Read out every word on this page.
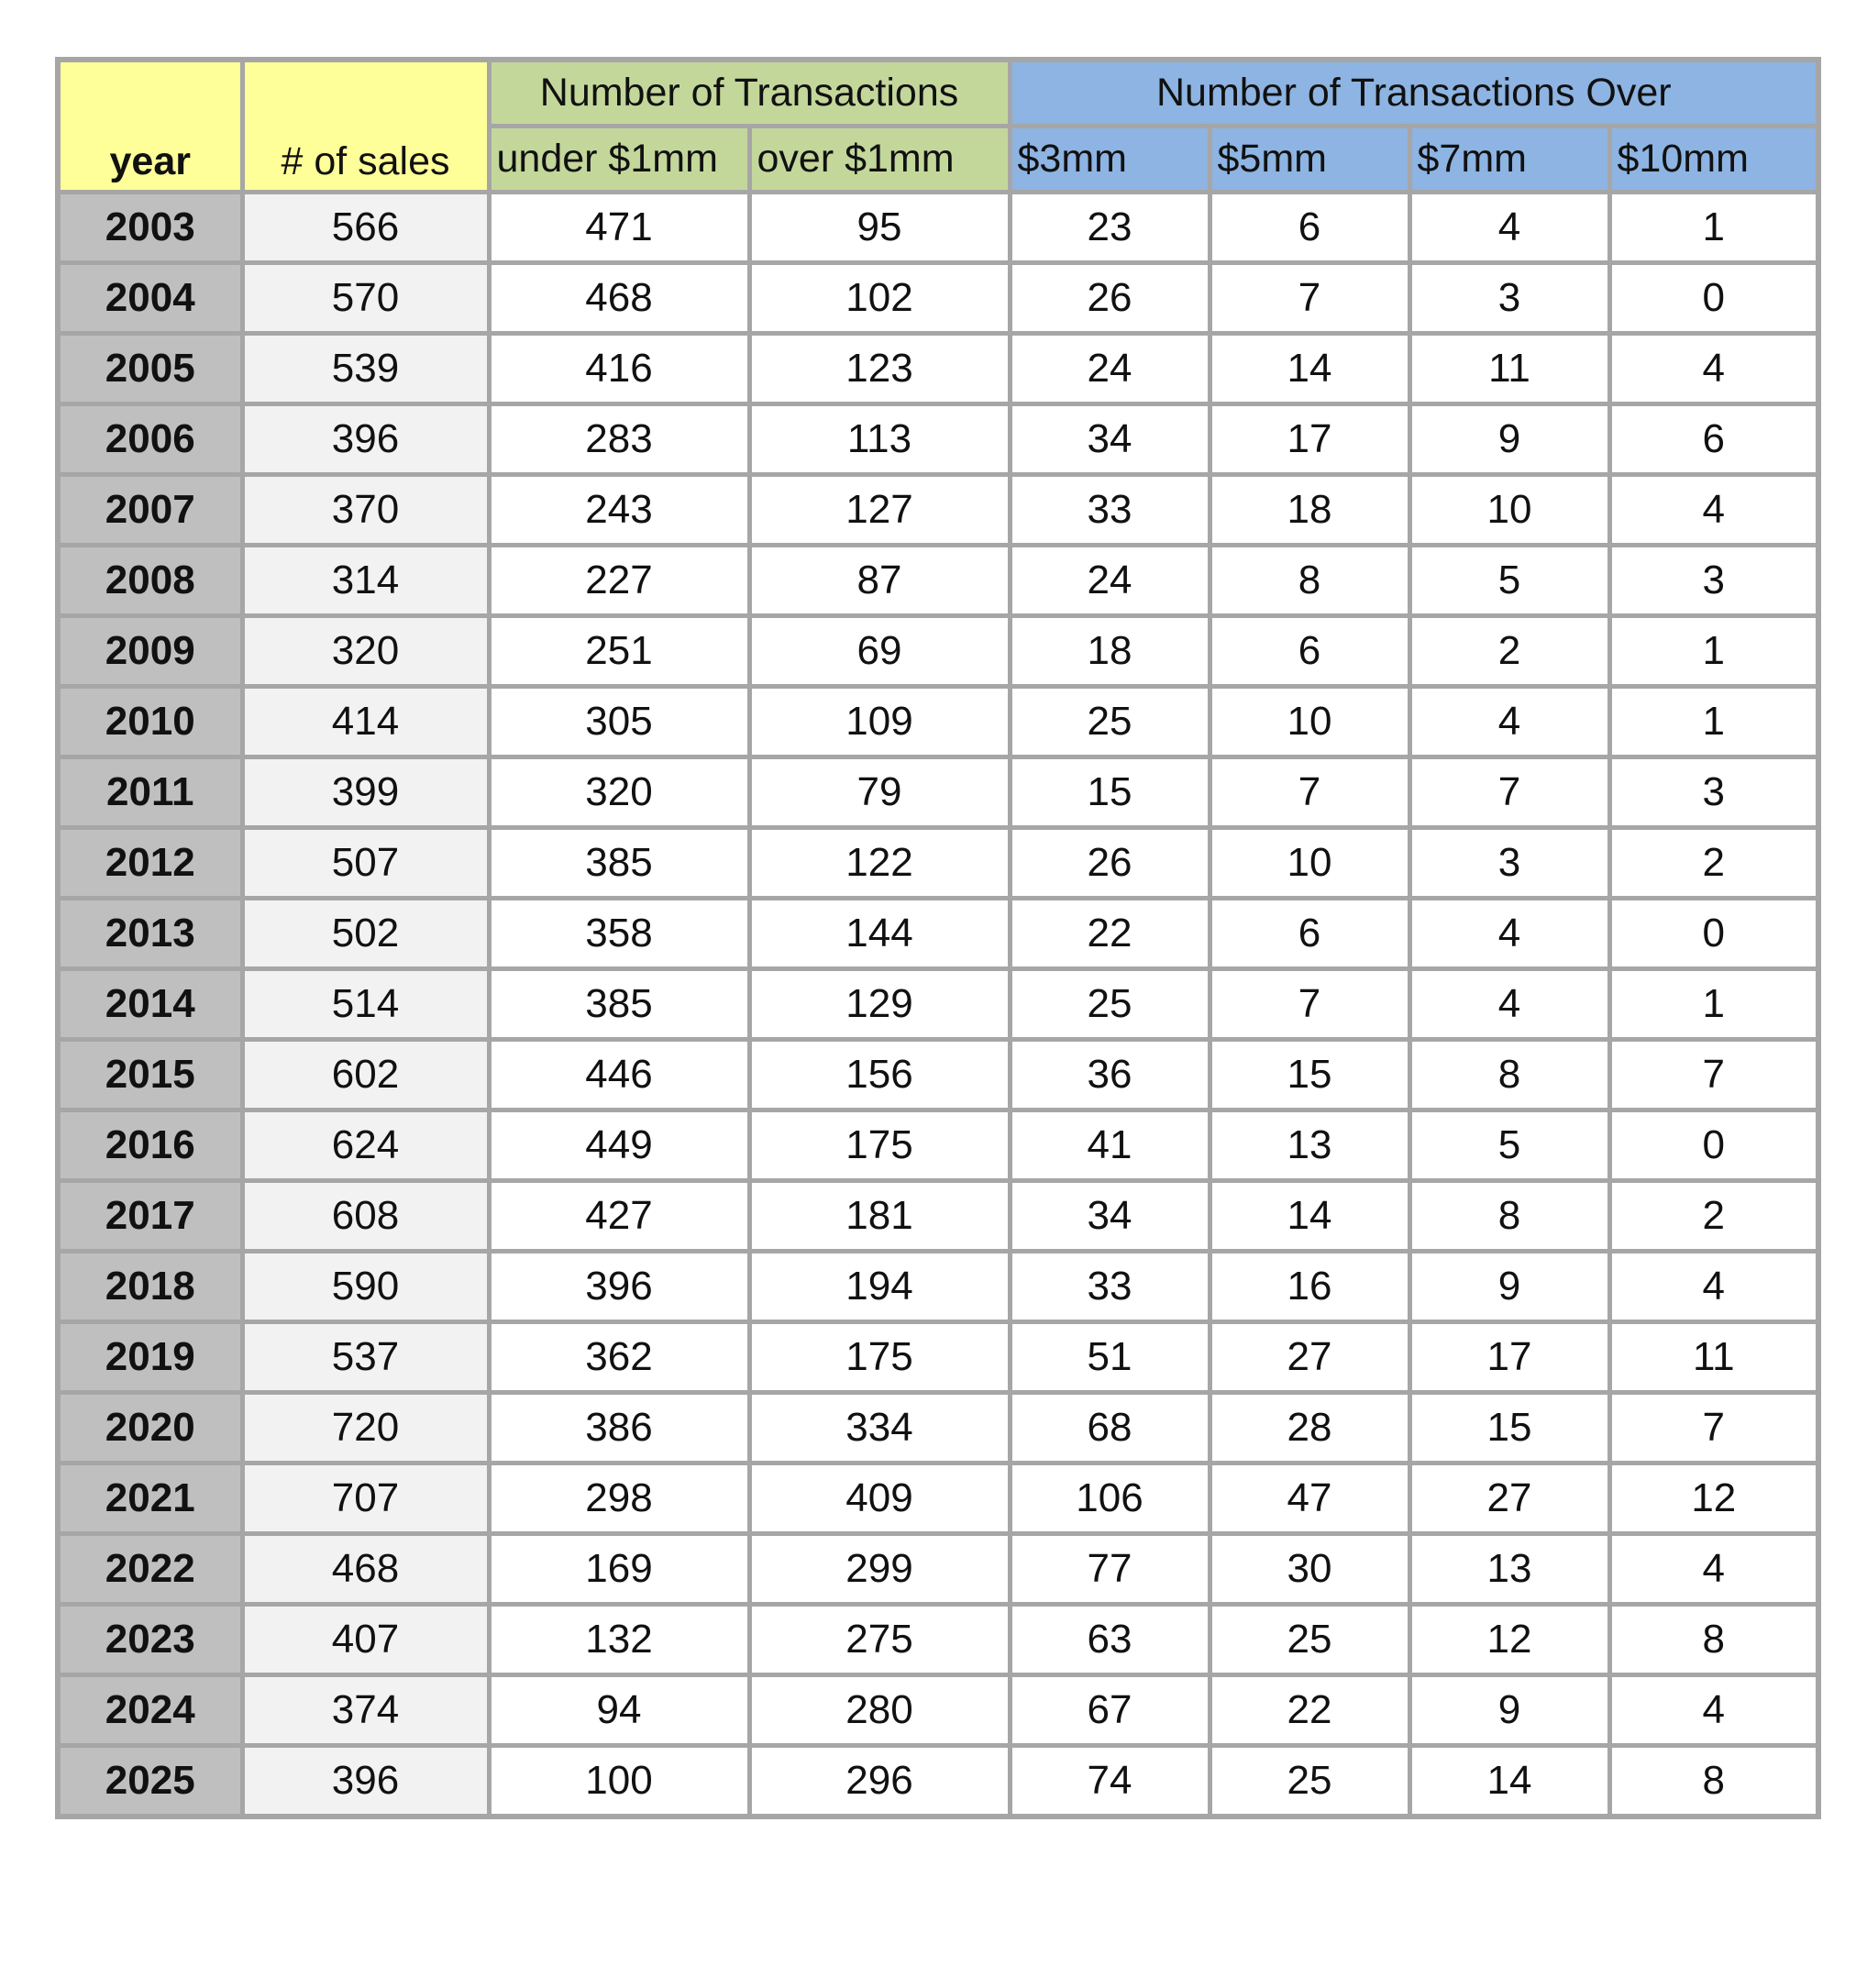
year	# of sales	Number of Transactions		Number of Transactions Over			
		under $1mm	over $1mm	$3mm	$5mm	$7mm	$10mm
2003	566	471	95	23	6	4	1
2004	570	468	102	26	7	3	0
2005	539	416	123	24	14	11	4
2006	396	283	113	34	17	9	6
2007	370	243	127	33	18	10	4
2008	314	227	87	24	8	5	3
2009	320	251	69	18	6	2	1
2010	414	305	109	25	10	4	1
2011	399	320	79	15	7	7	3
2012	507	385	122	26	10	3	2
2013	502	358	144	22	6	4	0
2014	514	385	129	25	7	4	1
2015	602	446	156	36	15	8	7
2016	624	449	175	41	13	5	0
2017	608	427	181	34	14	8	2
2018	590	396	194	33	16	9	4
2019	537	362	175	51	27	17	11
2020	720	386	334	68	28	15	7
2021	707	298	409	106	47	27	12
2022	468	169	299	77	30	13	4
2023	407	132	275	63	25	12	8
2024	374	94	280	67	22	9	4
2025	396	100	296	74	25	14	8
